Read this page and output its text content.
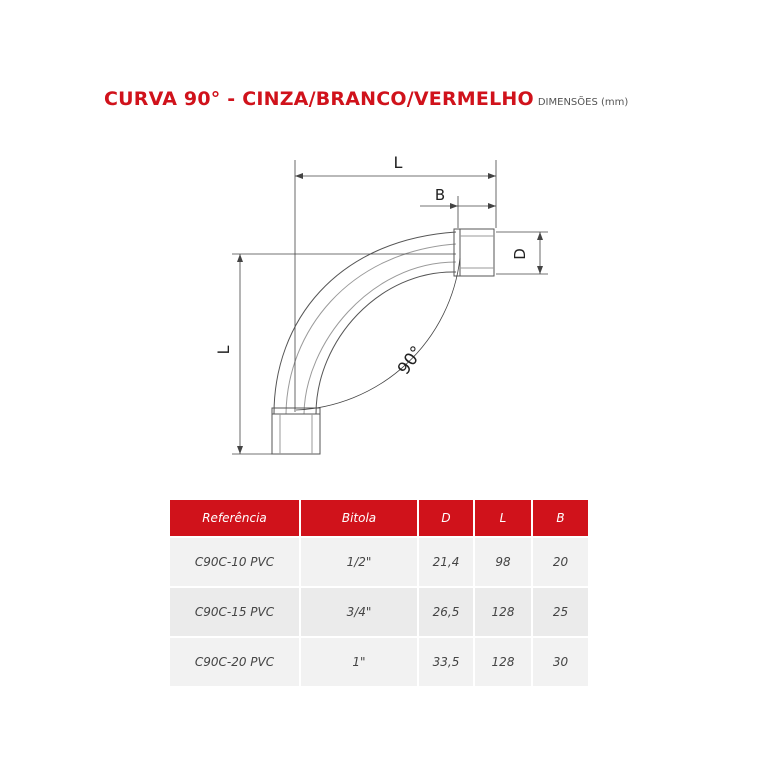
CURVA 90° - CINZA/BRANCO/VERMELHO DIMENSÕES (mm)
L
B
D
L	90°
Referência	Bitola	D	L	B
C90C-10 PVC	1/2"	21,4	98	20
C90C-15 PVC	3/4"	26,5	128	25
C90C-20 PVC	1"	33,5	128	30
